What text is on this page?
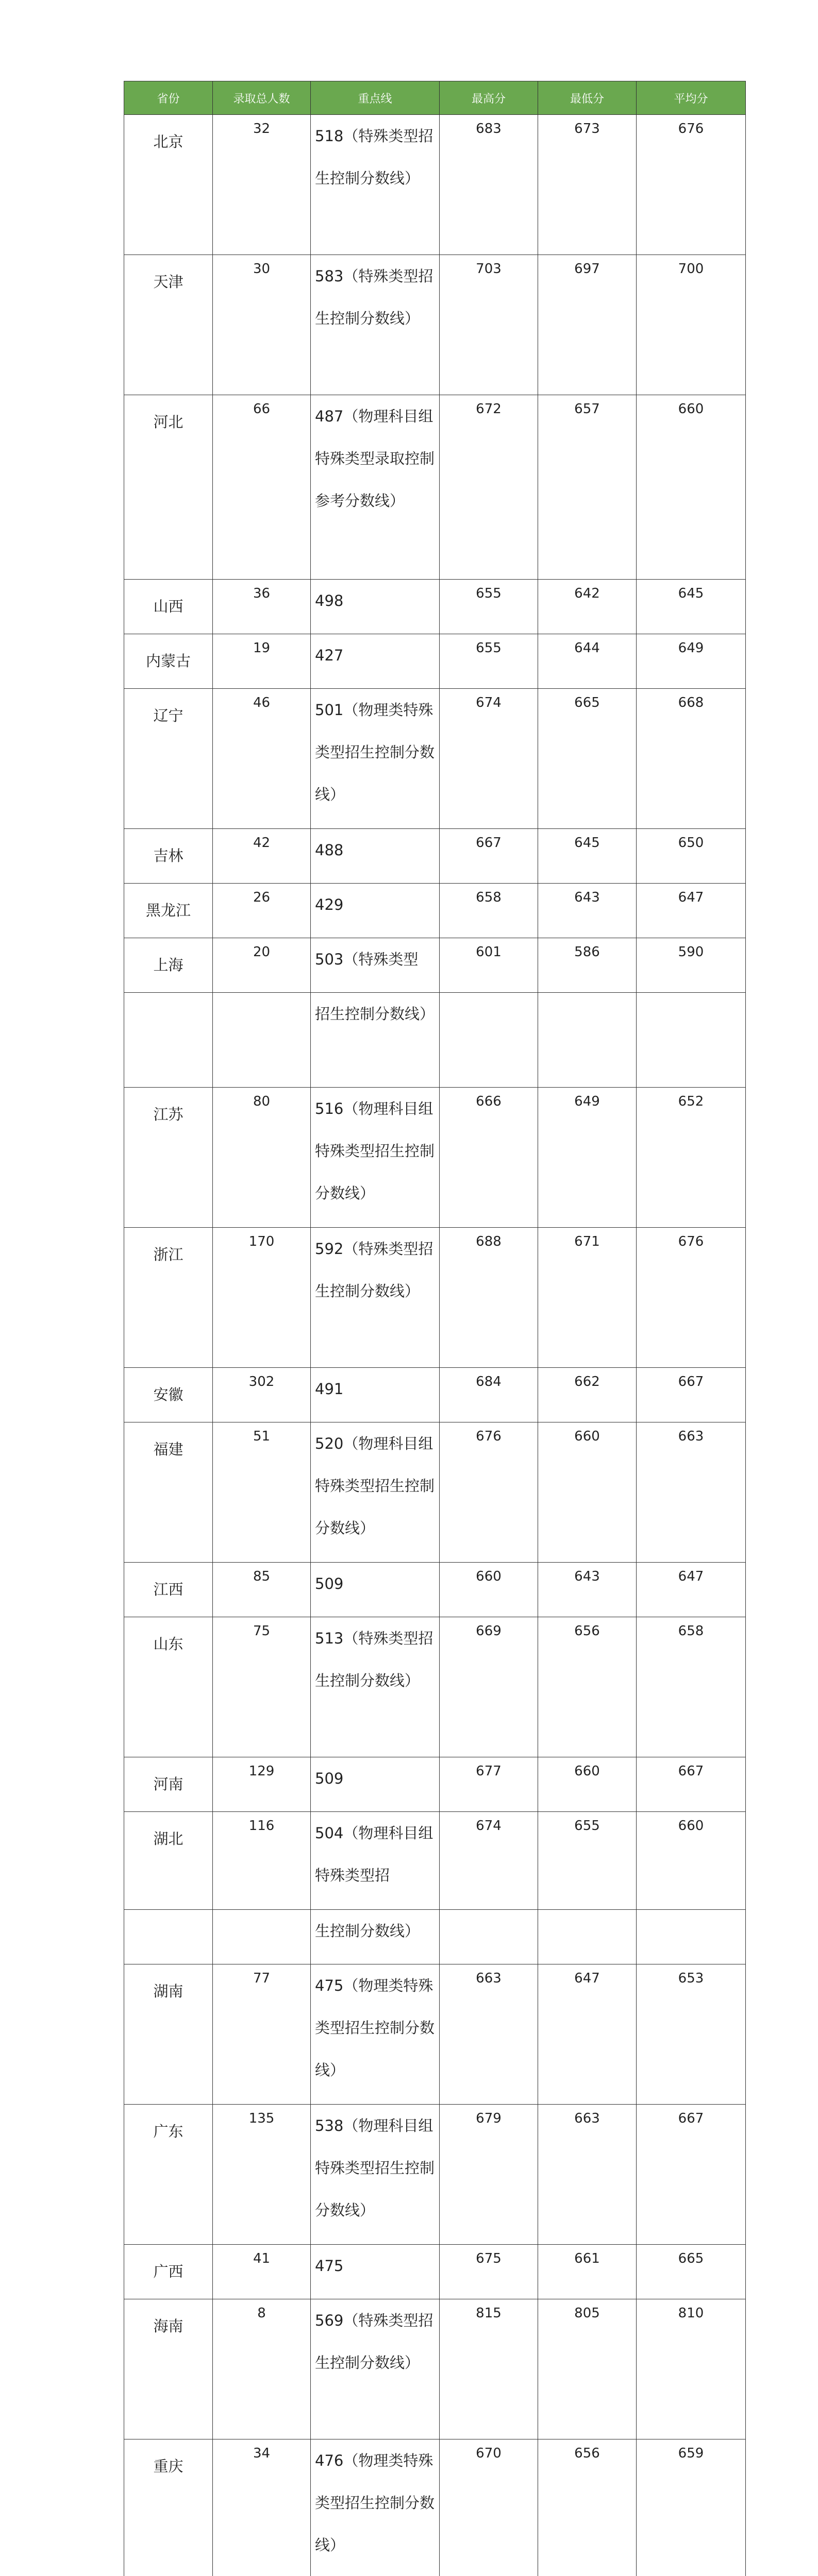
省份	录取总人数	重点线	最高分	最低分	平均分
北京	32	518（特殊类型招生控制分数线）	683	673	676
天津	30	583（特殊类型招生控制分数线）	703	697	700
河北	66	487（物理科目组特殊类型录取控制参考分数线）	672	657	660
山西	36	498	655	642	645
内蒙古	19	427	655	644	649
辽宁	46	501（物理类特殊类型招生控制分数线）	674	665	668
吉林	42	488	667	645	650
黑龙江	26	429	658	643	647
上海	20	503（特殊类型	601	586	590
		招生控制分数线）			
江苏	80	516（物理科目组特殊类型招生控制分数线）	666	649	652
浙江	170	592（特殊类型招生控制分数线）	688	671	676
安徽	302	491	684	662	667
福建	51	520（物理科目组特殊类型招生控制分数线）	676	660	663
江西	85	509	660	643	647
山东	75	513（特殊类型招生控制分数线）	669	656	658
河南	129	509	677	660	667
湖北	116	504（物理科目组特殊类型招	674	655	660
		生控制分数线）			
湖南	77	475（物理类特殊类型招生控制分数线）	663	647	653
广东	135	538（物理科目组特殊类型招生控制分数线）	679	663	667
广西	41	475	675	661	665
海南	8	569（特殊类型招生控制分数线）	815	805	810
重庆	34	476（物理类特殊类型招生控制分数线）	670	656	659
